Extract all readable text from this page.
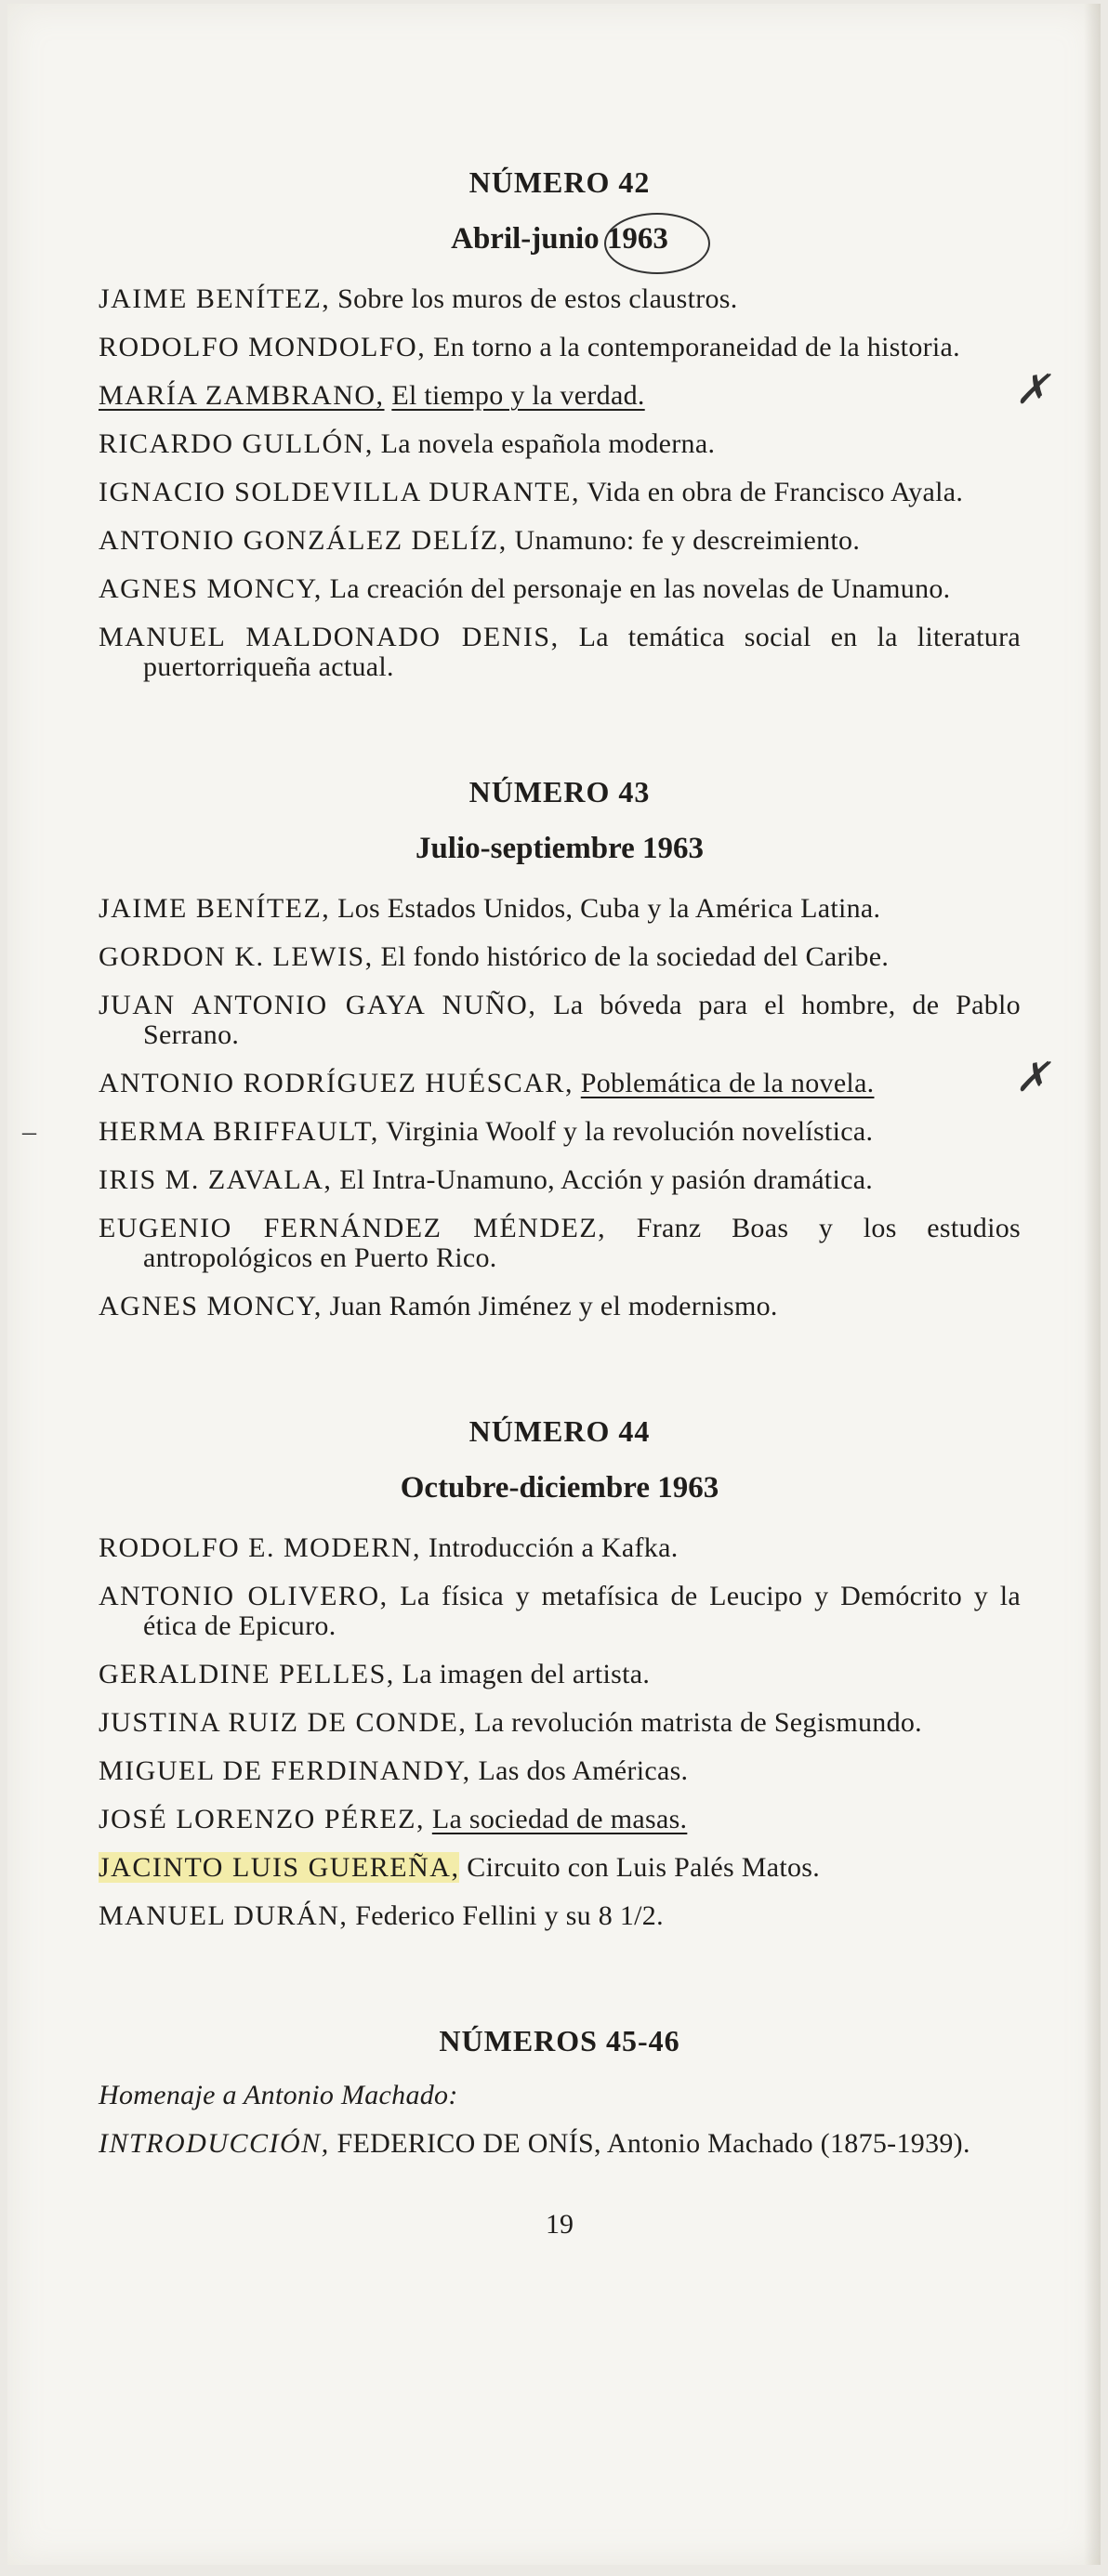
NÚMERO 42
Abril-junio 1963
JAIME BENÍTEZ, Sobre los muros de estos claustros.
RODOLFO MONDOLFO, En torno a la contemporaneidad de la historia.
MARÍA ZAMBRANO, El tiempo y la verdad.	✗
RICARDO GULLÓN, La novela española moderna.
IGNACIO SOLDEVILLA DURANTE, Vida en obra de Francisco Ayala.
ANTONIO GONZÁLEZ DELÍZ, Unamuno: fe y descreimiento.
AGNES MONCY, La creación del personaje en las novelas de Unamuno.
MANUEL MALDONADO DENIS, La temática social en la literatura puertorriqueña actual.
NÚMERO 43
Julio-septiembre 1963
JAIME BENÍTEZ, Los Estados Unidos, Cuba y la América Latina.
GORDON K. LEWIS, El fondo histórico de la sociedad del Caribe.
JUAN ANTONIO GAYA NUÑO, La bóveda para el hombre, de Pablo Serrano.
ANTONIO RODRÍGUEZ HUÉSCAR, Poblemática de la novela.	✗
–	HERMA BRIFFAULT, Virginia Woolf y la revolución novelística.
IRIS M. ZAVALA, El Intra-Unamuno, Acción y pasión dramática.
EUGENIO FERNÁNDEZ MÉNDEZ, Franz Boas y los estudios antropológicos en Puerto Rico.
AGNES MONCY, Juan Ramón Jiménez y el modernismo.
NÚMERO 44
Octubre-diciembre 1963
RODOLFO E. MODERN, Introducción a Kafka.
ANTONIO OLIVERO, La física y metafísica de Leucipo y Demócrito y la ética de Epicuro.
GERALDINE PELLES, La imagen del artista.
JUSTINA RUIZ DE CONDE, La revolución matrista de Segismundo.
MIGUEL DE FERDINANDY, Las dos Américas.
JOSÉ LORENZO PÉREZ, La sociedad de masas.
JACINTO LUIS GUEREÑA, Circuito con Luis Palés Matos.
MANUEL DURÁN, Federico Fellini y su 8 1/2.
NÚMEROS 45-46
Homenaje a Antonio Machado:
INTRODUCCIÓN, FEDERICO DE ONÍS, Antonio Machado (1875-1939).
19
